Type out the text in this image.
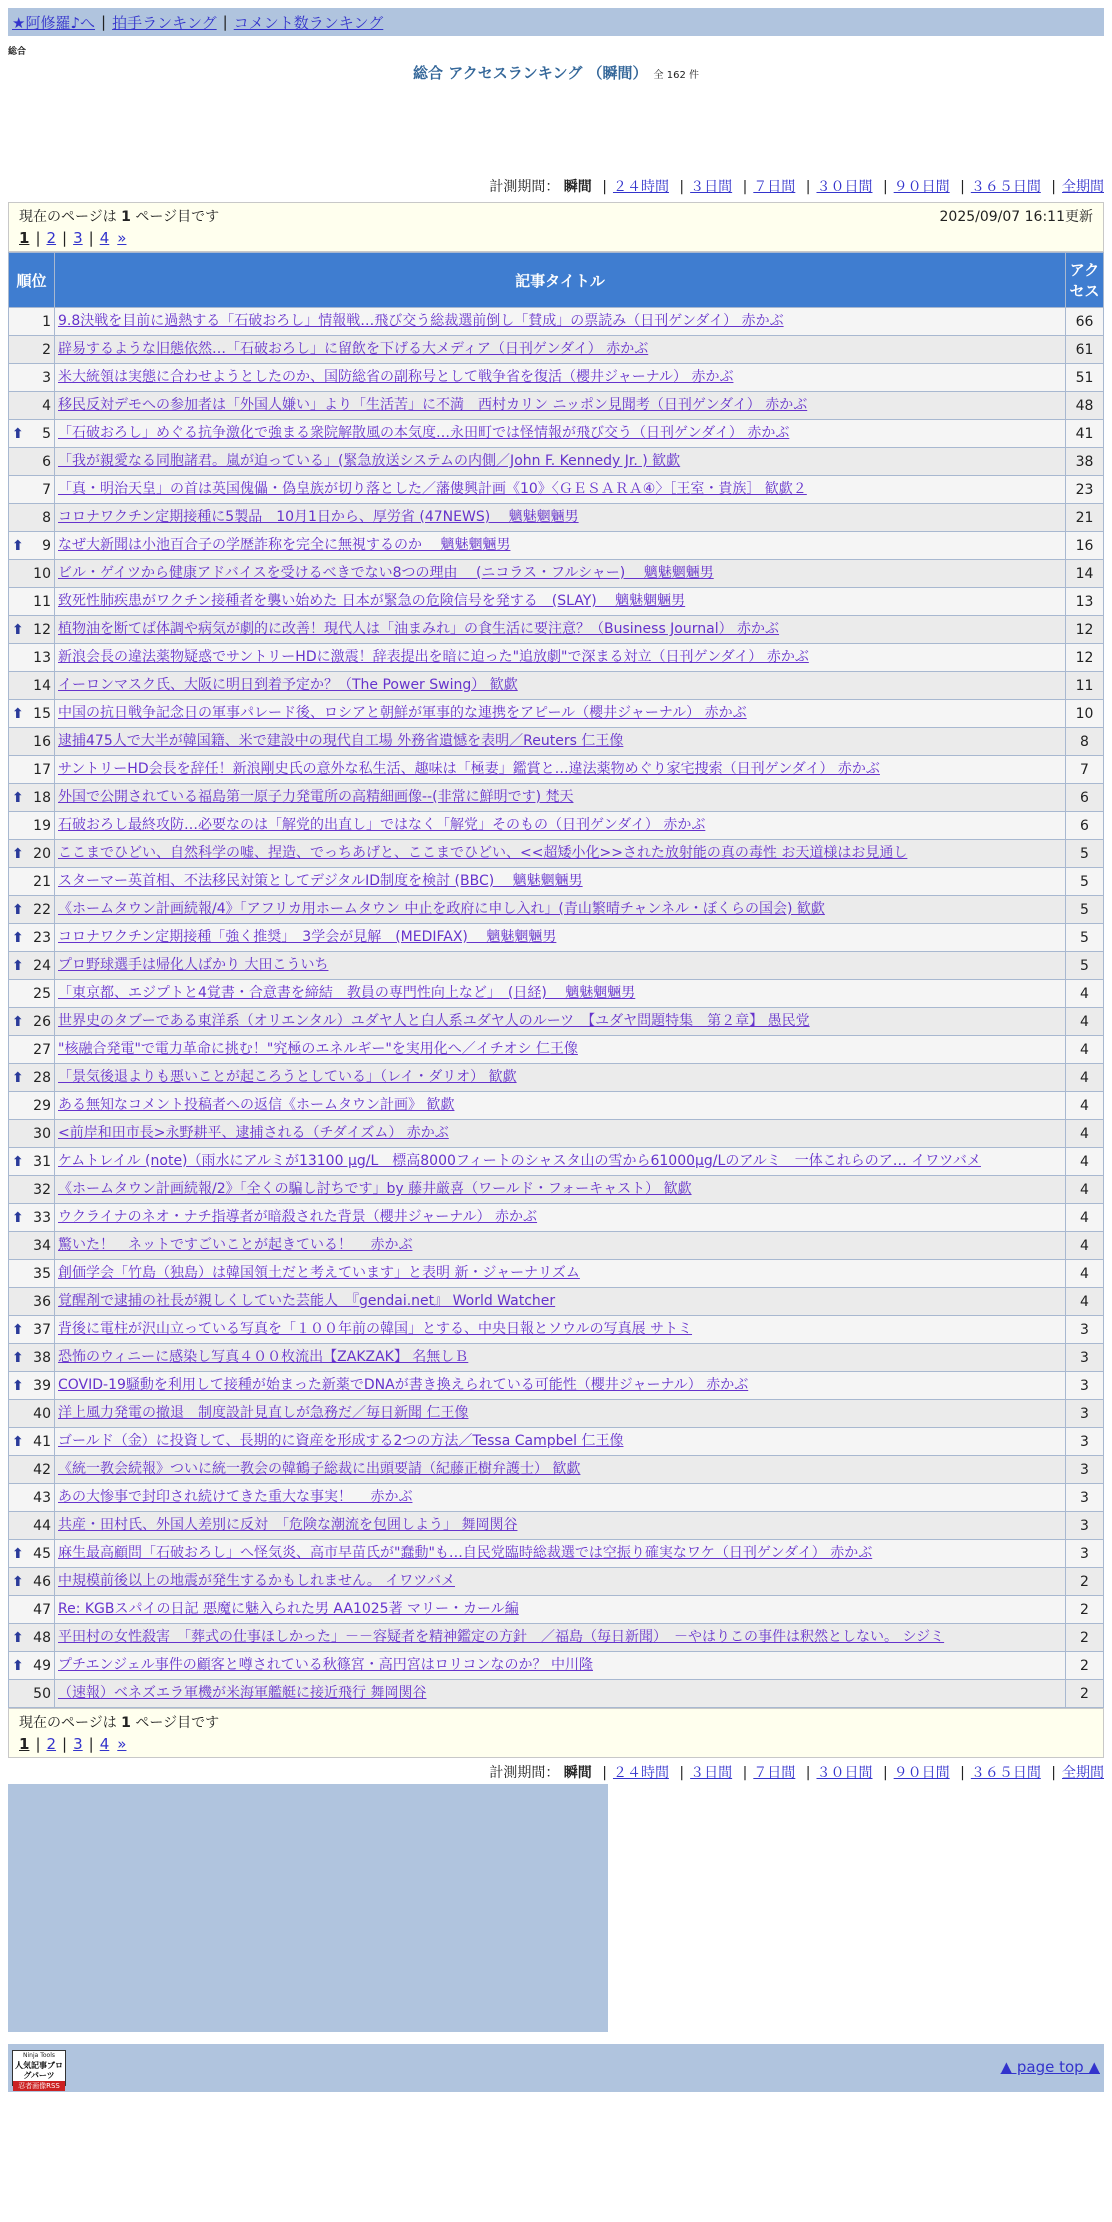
★阿修羅♪へ | 拍手ランキング | コメント数ランキング
総合
総合 アクセスランキング （瞬間） 全 162 件
計測期間： 瞬間 | ２４時間 | ３日間 | ７日間 | ３０日間 | ９０日間 | ３６５日間 | 全期間
現在のページは 1 ページ目です	2025/09/07 16:11更新
1 | 2 | 3 | 4 »
順位	記事タイトル	アクセス
1	9.8決戦を目前に過熱する「石破おろし」情報戦…飛び交う総裁選前倒し「賛成」の票読み（日刊ゲンダイ） 赤かぶ	66
2	辟易するような旧態依然…「石破おろし」に留飲を下げる大メディア（日刊ゲンダイ） 赤かぶ	61
3	米大統領は実態に合わせようとしたのか、国防総省の副称号として戦争省を復活（櫻井ジャーナル） 赤かぶ	51
4	移民反対デモへの参加者は「外国人嫌い」より「生活苦」に不満　西村カリン ニッポン見聞考（日刊ゲンダイ） 赤かぶ	48

⬆ 5	「石破おろし」めぐる抗争激化で強まる衆院解散風の本気度…永田町では怪情報が飛び交う（日刊ゲンダイ） 赤かぶ	41
6	「我が親愛なる同胞諸君。嵐が迫っている」(緊急放送システムの内側／John F. Kennedy Jr. ) 歓歔	38
7	「真・明治天皇」の首は英国傀儡・偽皇族が切り落とした／藩僂興計画《10》〈ＧＥＳＡＲＡ④〉［王室・貴族］ 歓歔２	23
8	コロナワクチン定期接種に5製品　10月1日から、厚労省 (47NEWS)　 魑魅魍魎男	21

⬆ 9	なぜ大新聞は小池百合子の学歴詐称を完全に無視するのか　 魑魅魍魎男	16
10	ビル・ゲイツから健康アドバイスを受けるべきでない8つの理由　 (ニコラス・フルシャー)　 魑魅魍魎男	14
11	致死性肺疾患がワクチン接種者を襲い始めた 日本が緊急の危険信号を発する　(SLAY)　 魑魅魍魎男	13

⬆ 12	植物油を断てば体調や病気が劇的に改善！現代人は「油まみれ」の食生活に要注意？（Business Journal） 赤かぶ	12
13	新浪会長の違法薬物疑惑でサントリーHDに激震！辞表提出を暗に迫った"追放劇"で深まる対立（日刊ゲンダイ） 赤かぶ	12
14	イーロンマスク氏、大阪に明日到着予定か？（The Power Swing） 歓歔	11

⬆ 15	中国の抗日戦争記念日の軍事パレード後、ロシアと朝鮮が軍事的な連携をアピール（櫻井ジャーナル） 赤かぶ	10
16	逮捕475人で大半が韓国籍、米で建設中の現代自工場 外務省遺憾を表明／Reuters 仁王像	8
17	サントリーHD会長を辞任！新浪剛史氏の意外な私生活、趣味は「極妻」鑑賞と…違法薬物めぐり家宅捜索（日刊ゲンダイ） 赤かぶ	7

⬆ 18	外国で公開されている福島第一原子力発電所の高精細画像--(非常に鮮明です) 梵天	6
19	石破おろし最終攻防…必要なのは「解党的出直し」ではなく「解党」そのもの（日刊ゲンダイ） 赤かぶ	6

⬆ 20	ここまでひどい、自然科学の嘘、捏造、でっちあげと、ここまでひどい、<<超矮小化>>された放射能の真の毒性 お天道様はお見通し	5
21	スターマー英首相、不法移民対策としてデジタルID制度を検討 (BBC)　 魑魅魍魎男	5

⬆ 22	《ホームタウン計画続報/4》「アフリカ用ホームタウン 中止を政府に申し入れ」(青山繁晴チャンネル・ぼくらの国会) 歓歔	5

⬆ 23	コロナワクチン定期接種「強く推奨」　3学会が見解　(MEDIFAX)　 魑魅魍魎男	5

⬆ 24	プロ野球選手は帰化人ばかり 大田こういち	5
25	「東京都、エジプトと4覚書・合意書を締結　教員の専門性向上など」　(日経)　 魑魅魍魎男	4

⬆ 26	世界史のタブーである東洋系（オリエンタル）ユダヤ人と白人系ユダヤ人のルーツ　【ユダヤ問題特集　第２章】 愚民党	4
27	"核融合発電"で電力革命に挑む！"究極のエネルギー"を実用化へ／イチオシ 仁王像	4

⬆ 28	「景気後退よりも悪いことが起ころうとしている」（レイ・ダリオ） 歓歔	4
29	ある無知なコメント投稿者への返信《ホームタウン計画》 歓歔	4
30	<前岸和田市長>永野耕平、逮捕される（チダイズム） 赤かぶ	4

⬆ 31	ケムトレイル (note)（雨水にアルミが13100 μg/L　標高8000フィートのシャスタ山の雪から61000μg/Lのアルミ　一体これらのア… イワツバメ	4
32	《ホームタウン計画続報/2》「全くの騙し討ちです」by 藤井厳喜（ワールド・フォーキャスト） 歓歔	4

⬆ 33	ウクライナのネオ・ナチ指導者が暗殺された背景（櫻井ジャーナル） 赤かぶ	4
34	驚いた！　ネットですごいことが起きている！　 赤かぶ	4
35	創価学会「竹島（独島）は韓国領土だと考えています」と表明 新・ジャーナリズム	4
36	覚醒剤で逮捕の社長が親しくしていた芸能人　『gendai.net』 World Watcher	4

⬆ 37	背後に電柱が沢山立っている写真を「１００年前の韓国」とする、中央日報とソウルの写真展 サトミ	3

⬆ 38	恐怖のウィニーに感染し写真４００枚流出【ZAKZAK】 名無しＢ	3

⬆ 39	COVID-19騒動を利用して接種が始まった新薬でDNAが書き換えられている可能性（櫻井ジャーナル） 赤かぶ	3
40	洋上風力発電の撤退　制度設計見直しが急務だ／毎日新聞 仁王像	3

⬆ 41	ゴールド（金）に投資して、長期的に資産を形成する2つの方法／Tessa Campbel 仁王像	3
42	《統一教会続報》ついに統一教会の韓鶴子総裁に出頭要請（紀藤正樹弁護士） 歓歔	3
43	あの大惨事で封印され続けてきた重大な事実！　 赤かぶ	3
44	共産・田村氏、外国人差別に反対　「危険な潮流を包囲しよう」 舞岡関谷	3

⬆ 45	麻生最高顧問「石破おろし」へ怪気炎、高市早苗氏が"蠢動"も…自民党臨時総裁選では空振り確実なワケ（日刊ゲンダイ） 赤かぶ	3

⬆ 46	中規模前後以上の地震が発生するかもしれません。 イワツバメ	2
47	Re: KGBスパイの日記 悪魔に魅入られた男 AA1025著 マリー・カール編	2

⬆ 48	平田村の女性殺害　「葬式の仕事ほしかった」－－容疑者を精神鑑定の方針　／福島（毎日新聞）　－やはりこの事件は釈然としない。 シジミ	2

⬆ 49	プチエンジェル事件の顧客と噂されている秋篠宮・高円宮はロリコンなのか？ 中川隆	2
50	（速報）ベネズエラ軍機が米海軍艦艇に接近飛行 舞岡関谷	2
計測期間： 瞬間 | ２４時間 | ３日間 | ７日間 | ３０日間 | ９０日間 | ３６５日間 | 全期間
現在のページは 1 ページ目です
1 | 2 | 3 | 4 »
Ninja Tools
人気記事ブログパーツ
忍者画像RSS
▲ page top ▲
